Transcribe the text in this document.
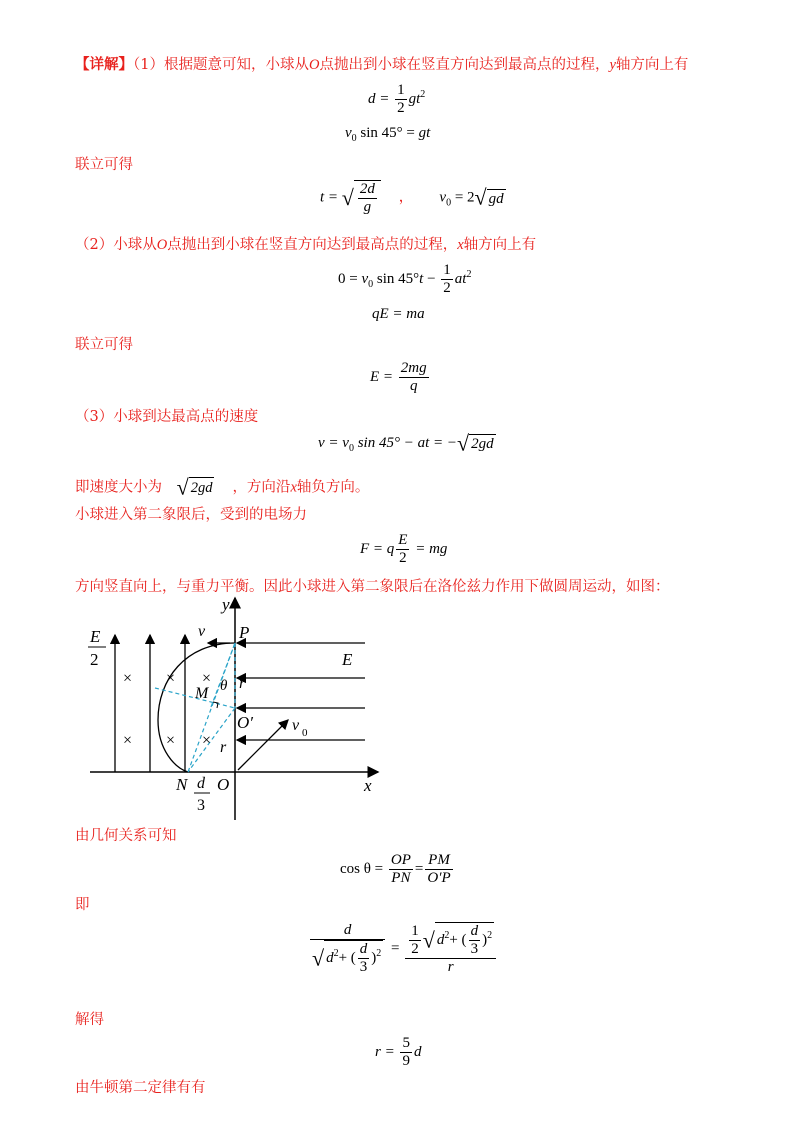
【详解】（1）根据题意可知，小球从O点抛出到小球在竖直方向达到最高点的过程，y轴方向上有
$d = \frac{1}{2} gt^2$
$v_0$ sin 45° = gt
联立可得
t = √ $\frac{2d}{g}$ ， $v_0 = 2√$ gd
（2）小球从O点抛出到小球在竖直方向达到最高点的过程，x轴方向上有
$0 = v_0$ $\sin 45^\circ t - \frac{1}{2} at^2$
qE = ma
联立可得
$E = \frac{2mg}{q}$
（3）小球到达最高点的速度
$v = v_0$ sin 45° − at = −√ 2gd
即速度大小为 √ 2gd ，方向沿x轴负方向。
小球进入第二象限后，受到的电场力
F = q $\frac{E}{2}$ = mg
方向竖直向上，与重力平衡。因此小球进入第二象限后在洛伦兹力作用下做圆周运动，如图：
× × ×
× × ×
E
2
y
v P
E
θ r
M
O′ v 0
r
N d
3
O	x
由几何关系可知
$\cos \theta = \frac{OP}{PN} = \frac{PM}{O'P}$
即
$\frac{d}{√ d^2+ ( \frac{d}{3} )^2} = \frac{\frac{1}{2} √ d^2+ ( \frac{d}{3} )^2}{r}$
解得
$r = \frac{5}{9}$ d
由牛顿第二定律有有
